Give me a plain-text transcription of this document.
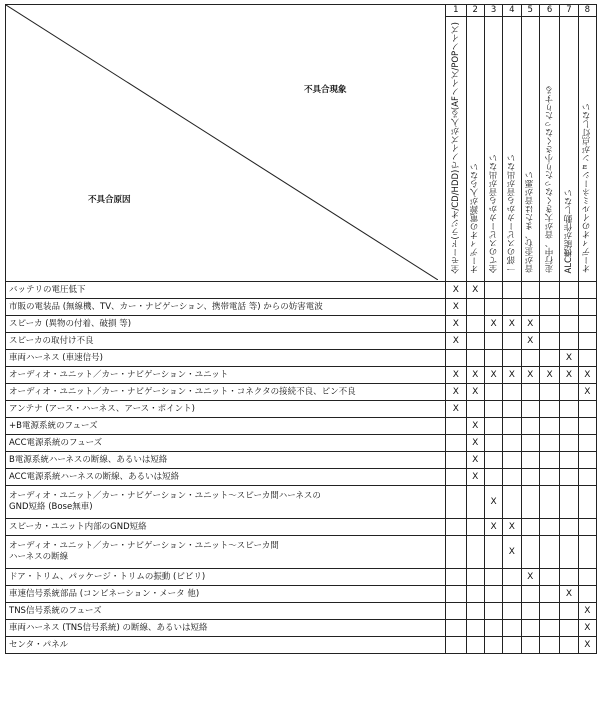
不具合現象
不具合原因	1	2	3	4	5	6	7	8
	全モード(ラジオ/CD/HDD)でノイズが入る(AFノイズ/POPノイズ)	オーディオの電源が入らない	全てのスピーカから音が出ない	一部のスピーカから音が出ない	音が歪む、または音が悪い	走行中、音が大きくなったり小さくなったりする	ALC機能が作動しない	オーディオのイルミネーションが点灯しない
バッテリの電圧低下	X	X						
市販の電装品 (無線機、TV、カー・ナビゲーション、携帯電話 等) からの妨害電波	X							
スピーカ (異物の付着、破損 等)	X		X	X	X			
スピーカの取付け不良	X				X			
車両ハーネス (車速信号)							X	
オーディオ・ユニット／カー・ナビゲーション・ユニット	X	X	X	X	X	X	X	X
オーディオ・ユニット／カー・ナビゲーション・ユニット・コネクタの接続不良、ピン不良	X	X						X
アンテナ (アース・ハーネス、アース・ポイント)	X							
+B電源系統のフューズ		X						
ACC電源系統のフューズ		X						
B電源系統ハーネスの断線、あるいは短絡		X						
ACC電源系統ハーネスの断線、あるいは短絡		X						
オーディオ・ユニット／カー・ナビゲーション・ユニット～スピーカ間ハーネスの
GND短絡 (Bose無車)			X					
スピーカ・ユニット内部のGND短絡			X	X				
オーディオ・ユニット／カー・ナビゲーション・ユニット～スピーカ間
ハーネスの断線				X				
ドア・トリム、パッケージ・トリムの振動 (ビビリ)					X			
車速信号系統部品 (コンビネーション・メータ 他)							X	
TNS信号系統のフューズ								X
車両ハーネス (TNS信号系統) の断線、あるいは短絡								X
センタ・パネル								X
